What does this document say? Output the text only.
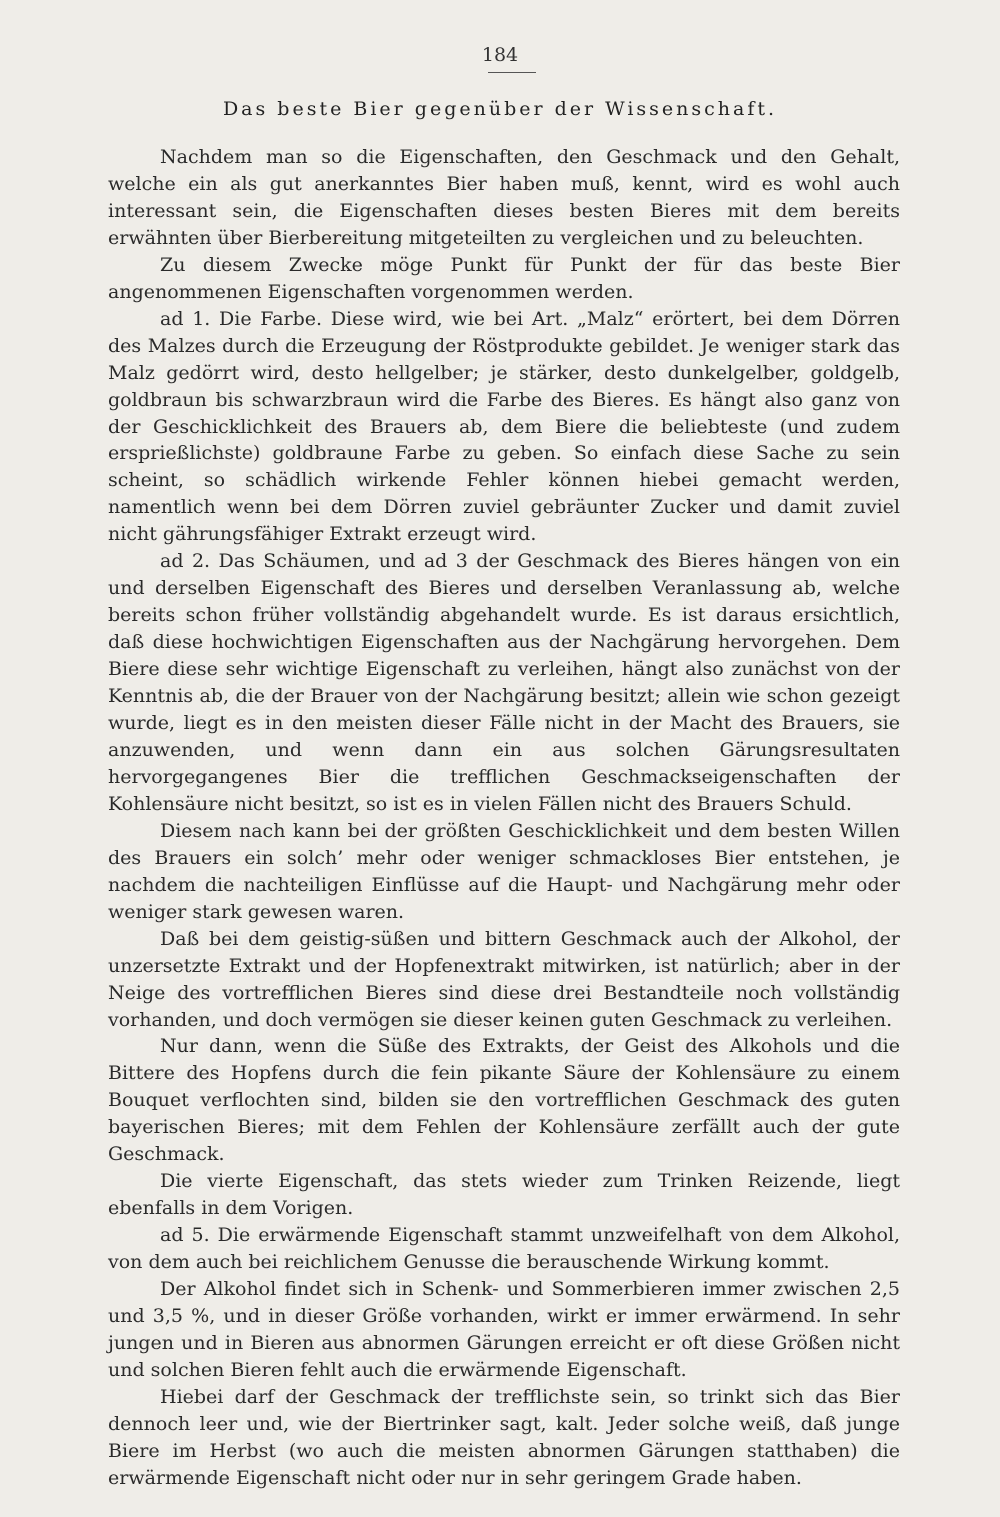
184
Das beste Bier gegenüber der Wissenschaft.

Nachdem man so die Eigenschaften, den Geschmack und den Gehalt, welche ein als gut anerkanntes Bier haben muß, kennt, wird es wohl auch interessant sein, die Eigenschaften dieses besten Bieres mit dem bereits erwähnten über Bierbereitung mitgeteilten zu vergleichen und zu beleuchten.

Zu diesem Zwecke möge Punkt für Punkt der für das beste Bier angenommenen Eigenschaften vorgenommen werden.

ad 1. Die Farbe. Diese wird, wie bei Art. „Malz“ erörtert, bei dem Dörren des Malzes durch die Erzeugung der Röstprodukte gebildet. Je weniger stark das Malz gedörrt wird, desto hellgelber; je stärker, desto dunkelgelber, goldgelb, goldbraun bis schwarzbraun wird die Farbe des Bieres. Es hängt also ganz von der Geschicklichkeit des Brauers ab, dem Biere die beliebteste (und zudem ersprießlichste) goldbraune Farbe zu geben. So einfach diese Sache zu sein scheint, so schädlich wirkende Fehler können hiebei gemacht werden, namentlich wenn bei dem Dörren zuviel gebräunter Zucker und damit zuviel nicht gährungsfähiger Extrakt erzeugt wird.

ad 2. Das Schäumen, und ad 3 der Geschmack des Bieres hängen von ein und derselben Eigenschaft des Bieres und derselben Veranlassung ab, welche bereits schon früher vollständig abgehandelt wurde. Es ist daraus ersichtlich, daß diese hochwichtigen Eigenschaften aus der Nachgärung hervorgehen. Dem Biere diese sehr wichtige Eigenschaft zu verleihen, hängt also zunächst von der Kenntnis ab, die der Brauer von der Nachgärung besitzt; allein wie schon gezeigt wurde, liegt es in den meisten dieser Fälle nicht in der Macht des Brauers, sie anzuwenden, und wenn dann ein aus solchen Gärungsresultaten hervorgegangenes Bier die trefflichen Geschmackseigenschaften der Kohlensäure nicht besitzt, so ist es in vielen Fällen nicht des Brauers Schuld.

Diesem nach kann bei der größten Geschicklichkeit und dem besten Willen des Brauers ein solch’ mehr oder weniger schmackloses Bier entstehen, je nachdem die nachteiligen Einflüsse auf die Haupt- und Nachgärung mehr oder weniger stark gewesen waren.

Daß bei dem geistig-süßen und bittern Geschmack auch der Alkohol, der unzersetzte Extrakt und der Hopfenextrakt mitwirken, ist natürlich; aber in der Neige des vortrefflichen Bieres sind diese drei Bestandteile noch vollständig vorhanden, und doch vermögen sie dieser keinen guten Geschmack zu verleihen.

Nur dann, wenn die Süße des Extrakts, der Geist des Alkohols und die Bittere des Hopfens durch die fein pikante Säure der Kohlensäure zu einem Bouquet verflochten sind, bilden sie den vortrefflichen Geschmack des guten bayerischen Bieres; mit dem Fehlen der Kohlensäure zerfällt auch der gute Geschmack.

Die vierte Eigenschaft, das stets wieder zum Trinken Reizende, liegt ebenfalls in dem Vorigen.

ad 5. Die erwärmende Eigenschaft stammt unzweifelhaft von dem Alkohol, von dem auch bei reichlichem Genusse die berauschende Wirkung kommt.

Der Alkohol findet sich in Schenk- und Sommerbieren immer zwischen 2,5 und 3,5 %, und in dieser Größe vorhanden, wirkt er immer erwärmend. In sehr jungen und in Bieren aus abnormen Gärungen erreicht er oft diese Größen nicht und solchen Bieren fehlt auch die erwärmende Eigenschaft.

Hiebei darf der Geschmack der trefflichste sein, so trinkt sich das Bier dennoch leer und, wie der Biertrinker sagt, kalt. Jeder solche weiß, daß junge Biere im Herbst (wo auch die meisten abnormen Gärungen statthaben) die erwärmende Eigenschaft nicht oder nur in sehr geringem Grade haben.
